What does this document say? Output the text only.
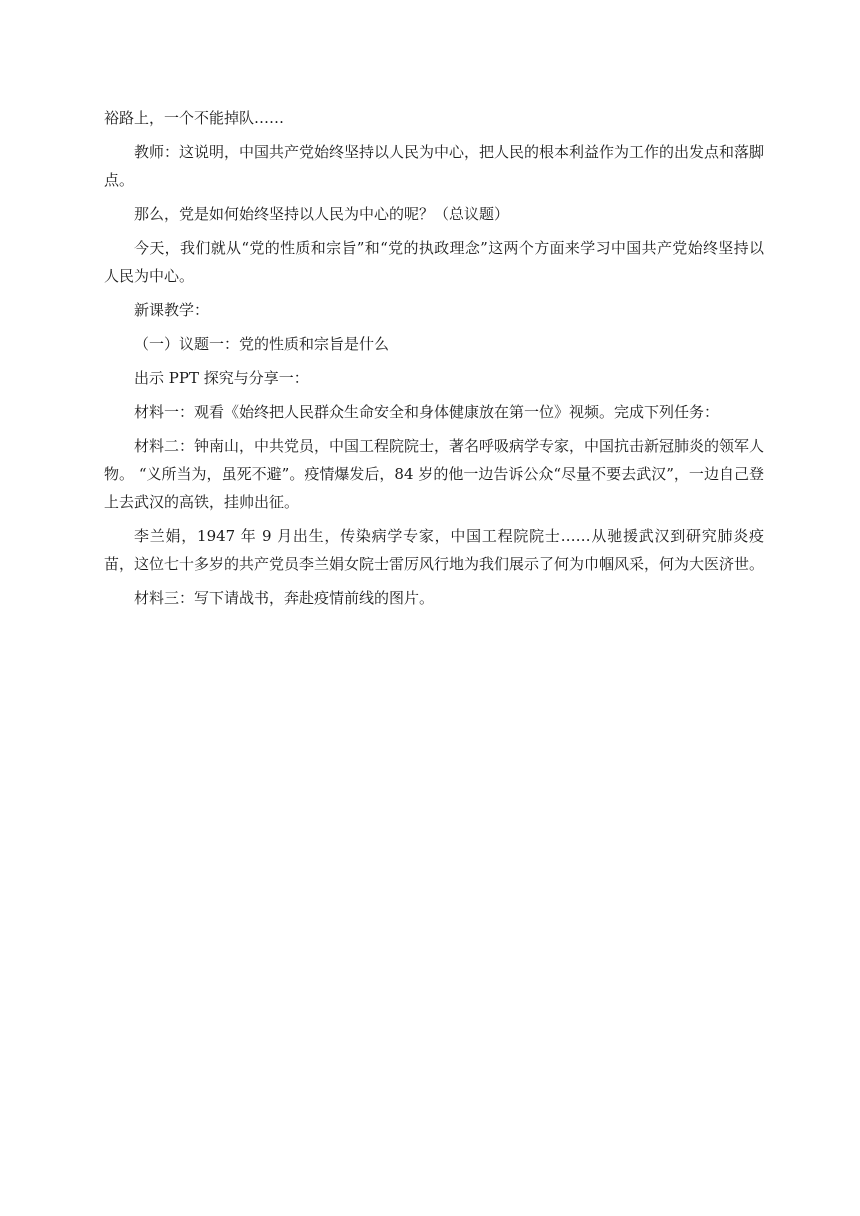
裕路上，一个不能掉队……

教师：这说明，中国共产党始终坚持以人民为中心，把人民的根本利益作为工作的出发点和落脚点。

那么，党是如何始终坚持以人民为中心的呢？（总议题）

今天，我们就从“党的性质和宗旨”和“党的执政理念”这两个方面来学习中国共产党始终坚持以人民为中心。

新课教学：

（一）议题一：党的性质和宗旨是什么

出示 PPT 探究与分享一：

材料一：观看《始终把人民群众生命安全和身体健康放在第一位》视频。完成下列任务：

材料二：钟南山，中共党员，中国工程院院士，著名呼吸病学专家，中国抗击新冠肺炎的领军人物。 “义所当为，虽死不避”。疫情爆发后，84 岁的他一边告诉公众“尽量不要去武汉”，一边自己登上去武汉的高铁，挂帅出征。

李兰娟，1947 年 9 月出生，传染病学专家，中国工程院院士……从驰援武汉到研究肺炎疫苗，这位七十多岁的共产党员李兰娟女院士雷厉风行地为我们展示了何为巾帼风采，何为大医济世。

材料三：写下请战书，奔赴疫情前线的图片。
